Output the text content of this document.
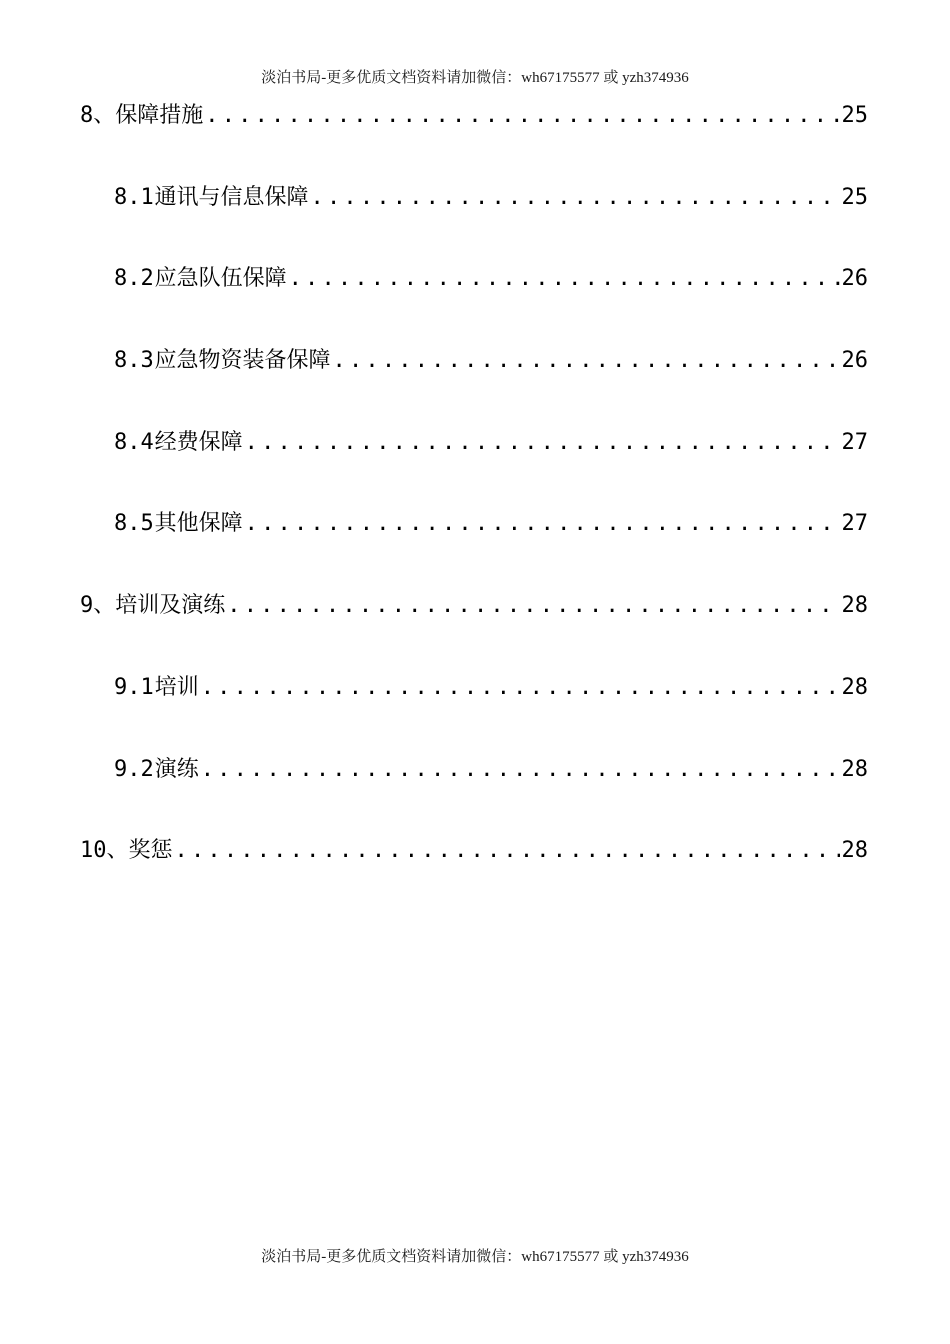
淡泊书局-更多优质文档资料请加微信：wh67175577 或 yzh374936
8、 保障措施 .....	25
8.1 通讯与信息保障 .....	25
8.2 应急队伍保障 .....	26
8.3 应急物资装备保障 .....	26
8.4 经费保障 .....	27
8.5 其他保障 .....	27
9、 培训及演练 .....	28
9.1 培训 .....	28
9.2 演练 .....	28
10、 奖惩 .....	28
淡泊书局-更多优质文档资料请加微信：wh67175577 或 yzh374936
